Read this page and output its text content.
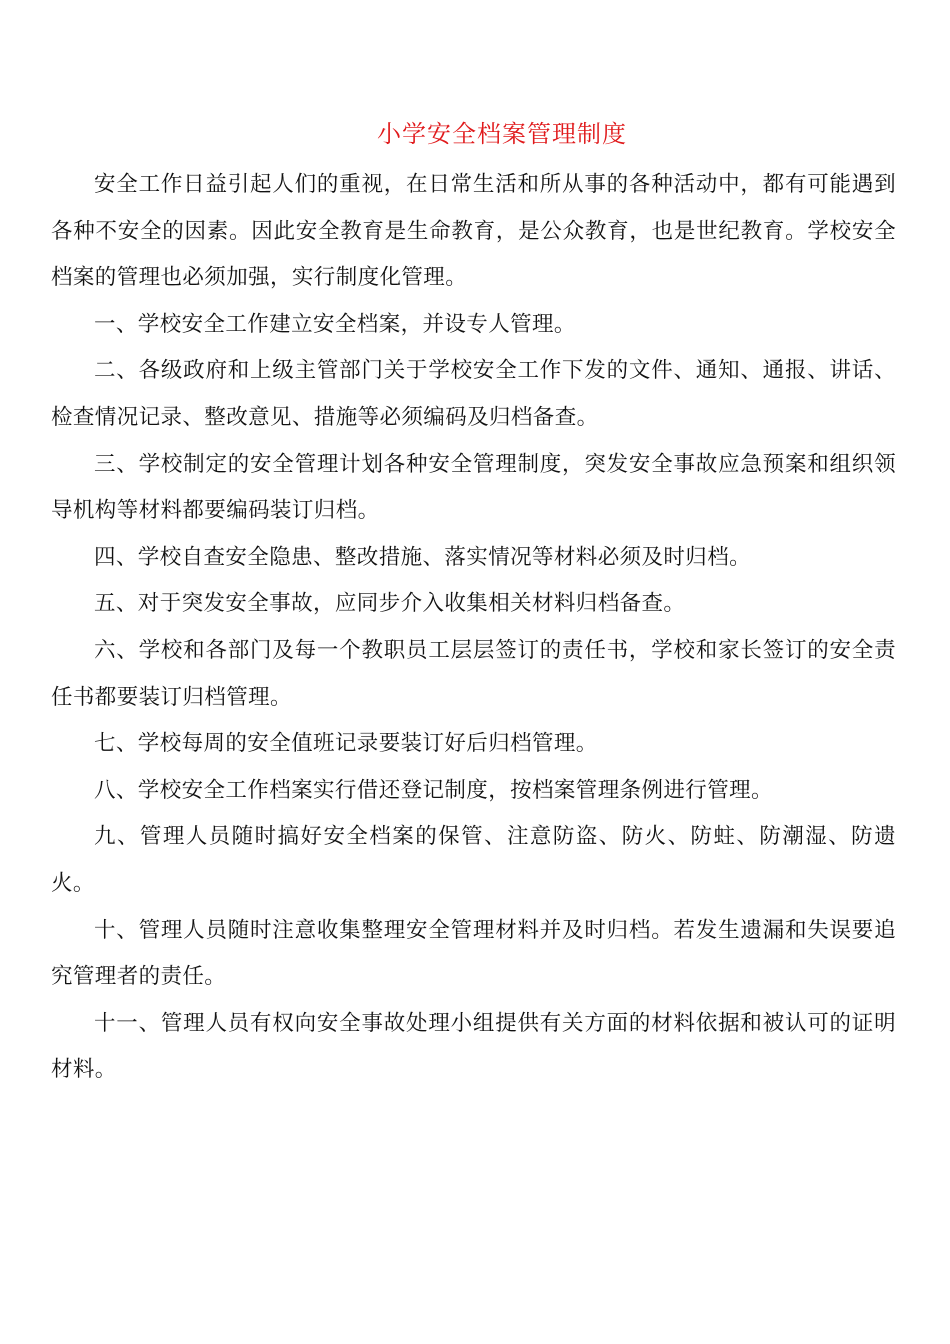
小学安全档案管理制度

安全工作日益引起人们的重视，在日常生活和所从事的各种活动中，都有可能遇到各种不安全的因素。因此安全教育是生命教育，是公众教育，也是世纪教育。学校安全档案的管理也必须加强，实行制度化管理。

一、学校安全工作建立安全档案，并设专人管理。

二、各级政府和上级主管部门关于学校安全工作下发的文件、通知、通报、讲话、检查情况记录、整改意见、措施等必须编码及归档备查。

三、学校制定的安全管理计划各种安全管理制度，突发安全事故应急预案和组织领导机构等材料都要编码装订归档。

四、学校自查安全隐患、整改措施、落实情况等材料必须及时归档。

五、对于突发安全事故，应同步介入收集相关材料归档备查。

六、学校和各部门及每一个教职员工层层签订的责任书，学校和家长签订的安全责任书都要装订归档管理。

七、学校每周的安全值班记录要装订好后归档管理。

八、学校安全工作档案实行借还登记制度，按档案管理条例进行管理。

九、管理人员随时搞好安全档案的保管、注意防盗、防火、防蛀、防潮湿、防遗火。

十、管理人员随时注意收集整理安全管理材料并及时归档。若发生遗漏和失误要追究管理者的责任。

十一、管理人员有权向安全事故处理小组提供有关方面的材料依据和被认可的证明材料。
